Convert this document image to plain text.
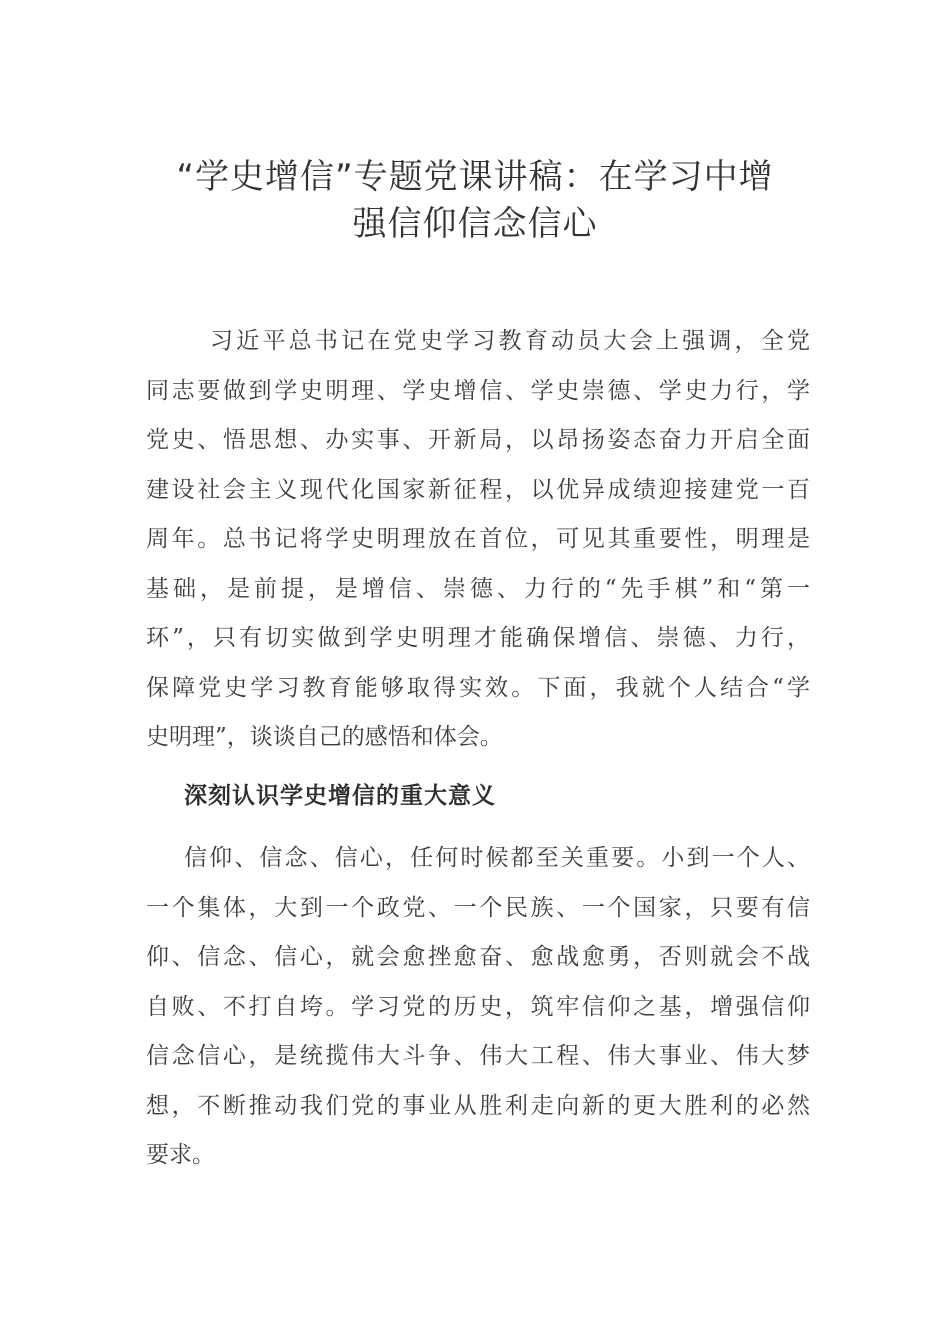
“学史增信”专题党课讲稿：在学习中增
强信仰信念信心
习近平总书记在党史学习教育动员大会上强调，全党
同志要做到学史明理、学史增信、学史崇德、学史力行，学
党史、悟思想、办实事、开新局，以昂扬姿态奋力开启全面
建设社会主义现代化国家新征程，以优异成绩迎接建党一百
周年。总书记将学史明理放在首位，可见其重要性，明理是
基础，是前提，是增信、崇德、力行的“先手棋”和“第一
环”，只有切实做到学史明理才能确保增信、崇德、力行，
保障党史学习教育能够取得实效。下面，我就个人结合“学
史明理”，谈谈自己的感悟和体会。
深刻认识学史增信的重大意义
信仰、信念、信心，任何时候都至关重要。小到一个人、
一个集体，大到一个政党、一个民族、一个国家，只要有信
仰、信念、信心，就会愈挫愈奋、愈战愈勇，否则就会不战
自败、不打自垮。学习党的历史，筑牢信仰之基，增强信仰
信念信心，是统揽伟大斗争、伟大工程、伟大事业、伟大梦
想，不断推动我们党的事业从胜利走向新的更大胜利的必然
要求。
